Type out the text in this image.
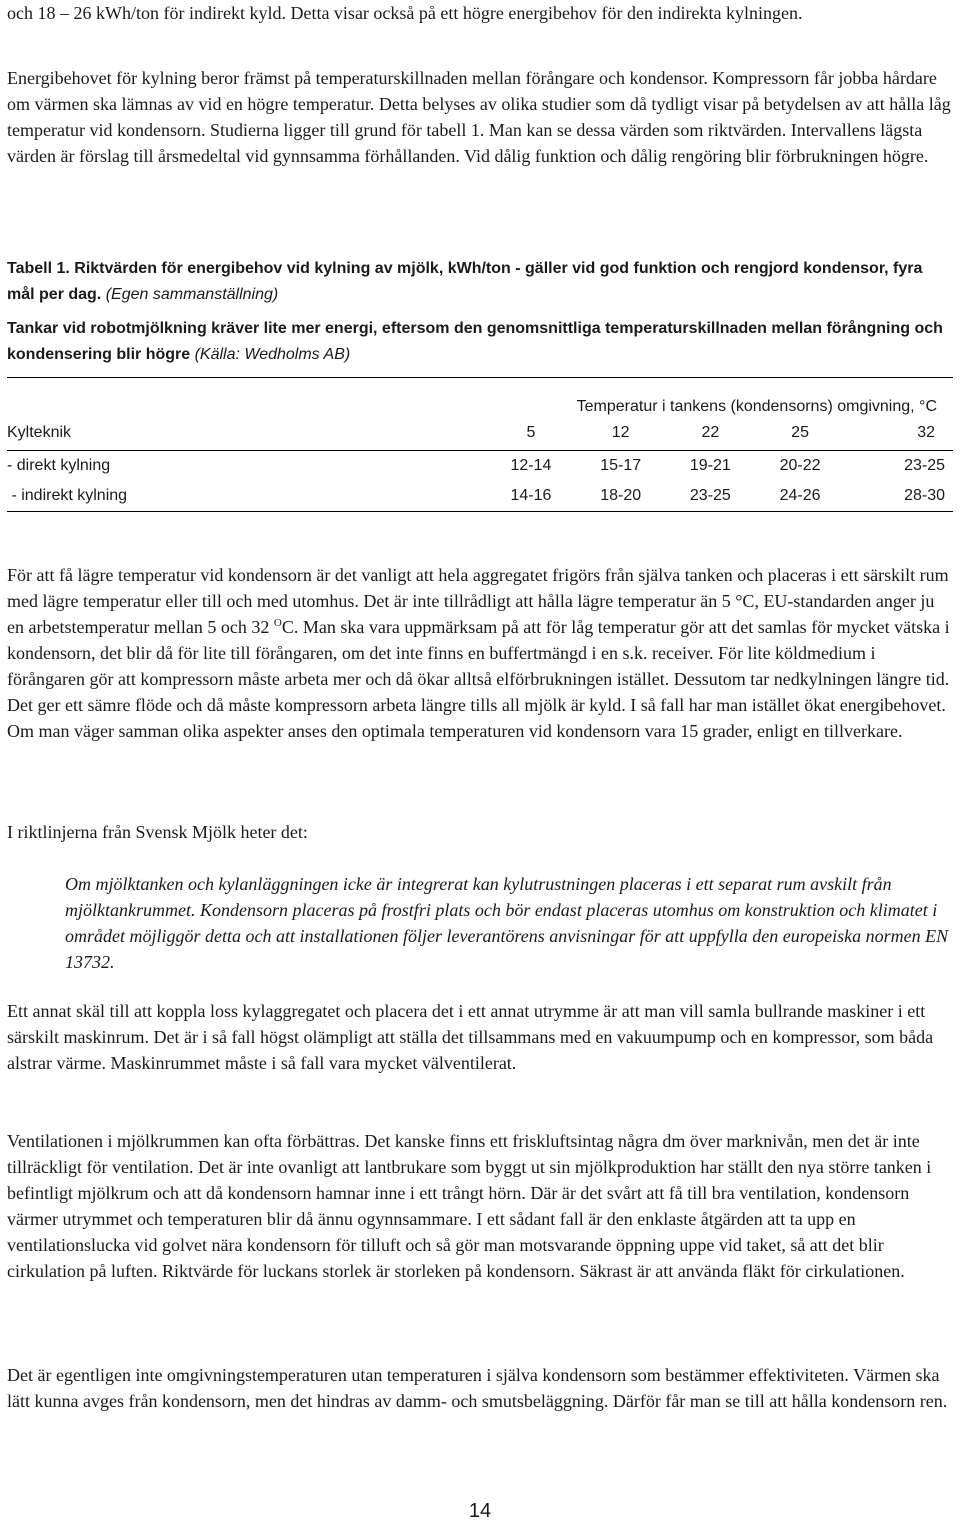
och 18 – 26 kWh/ton för indirekt kyld. Detta visar också på ett högre energibehov för den indirekta kylningen.

Energibehovet för kylning beror främst på temperaturskillnaden mellan förångare och kondensor. Kompressorn får jobba hårdare om värmen ska lämnas av vid en högre temperatur. Detta belyses av olika studier som då tydligt visar på betydelsen av att hålla låg temperatur vid kondensorn. Studierna ligger till grund för tabell 1. Man kan se dessa värden som riktvärden. Intervallens lägsta värden är förslag till årsmedeltal vid gynnsamma förhållanden. Vid dålig funktion och dålig rengöring blir förbrukningen högre.

Tabell 1. Riktvärden för energibehov vid kylning av mjölk, kWh/ton - gäller vid god funktion och rengjord kondensor, fyra mål per dag. (Egen sammanställning)

Tankar vid robotmjölkning kräver lite mer energi, eftersom den genomsnittliga temperaturskillnaden mellan förångning och kondensering blir högre (Källa: Wedholms AB)

	Temperatur i tankens (kondensorns) omgivning, °C				
Kylteknik	5	12	22	25	32
- direkt kylning	12-14	15-17	19-21	20-22	23-25
- indirekt kylning	14-16	18-20	23-25	24-26	28-30

För att få lägre temperatur vid kondensorn är det vanligt att hela aggregatet frigörs från själva tanken och placeras i ett särskilt rum med lägre temperatur eller till och med utomhus. Det är inte tillrådligt att hålla lägre temperatur än 5 °C, EU-standarden anger ju en arbetstemperatur mellan 5 och 32 $^O$C. Man ska vara uppmärksam på att för låg temperatur gör att det samlas för mycket vätska i kondensorn, det blir då för lite till förångaren, om det inte finns en buffertmängd i en s.k. receiver. För lite köldmedium i förångaren gör att kompressorn måste arbeta mer och då ökar alltså elförbrukningen istället. Dessutom tar nedkylningen längre tid. Det ger ett sämre flöde och då måste kompressorn arbeta längre tills all mjölk är kyld. I så fall har man istället ökat energibehovet. Om man väger samman olika aspekter anses den optimala temperaturen vid kondensorn vara 15 grader, enligt en tillverkare.

I riktlinjerna från Svensk Mjölk heter det:

Om mjölktanken och kylanläggningen icke är integrerat kan kylutrustningen placeras i ett separat rum avskilt från mjölktankrummet. Kondensorn placeras på frostfri plats och bör endast placeras utomhus om konstruktion och klimatet i området möjliggör detta och att installationen följer leverantörens anvisningar för att uppfylla den europeiska normen EN 13732.

Ett annat skäl till att koppla loss kylaggregatet och placera det i ett annat utrymme är att man vill samla bullrande maskiner i ett särskilt maskinrum. Det är i så fall högst olämpligt att ställa det tillsammans med en vakuumpump och en kompressor, som båda alstrar värme. Maskinrummet måste i så fall vara mycket välventilerat.

Ventilationen i mjölkrummen kan ofta förbättras. Det kanske finns ett friskluftsintag några dm över marknivån, men det är inte tillräckligt för ventilation. Det är inte ovanligt att lantbrukare som byggt ut sin mjölkproduktion har ställt den nya större tanken i befintligt mjölkrum och att då kondensorn hamnar inne i ett trångt hörn. Där är det svårt att få till bra ventilation, kondensorn värmer utrymmet och temperaturen blir då ännu ogynnsammare. I ett sådant fall är den enklaste åtgärden att ta upp en ventilationslucka vid golvet nära kondensorn för tilluft och så gör man motsvarande öppning uppe vid taket, så att det blir cirkulation på luften. Riktvärde för luckans storlek är storleken på kondensorn. Säkrast är att använda fläkt för cirkulationen.

Det är egentligen inte omgivningstemperaturen utan temperaturen i själva kondensorn som bestämmer effektiviteten. Värmen ska lätt kunna avges från kondensorn, men det hindras av damm- och smutsbeläggning. Därför får man se till att hålla kondensorn ren.

14
